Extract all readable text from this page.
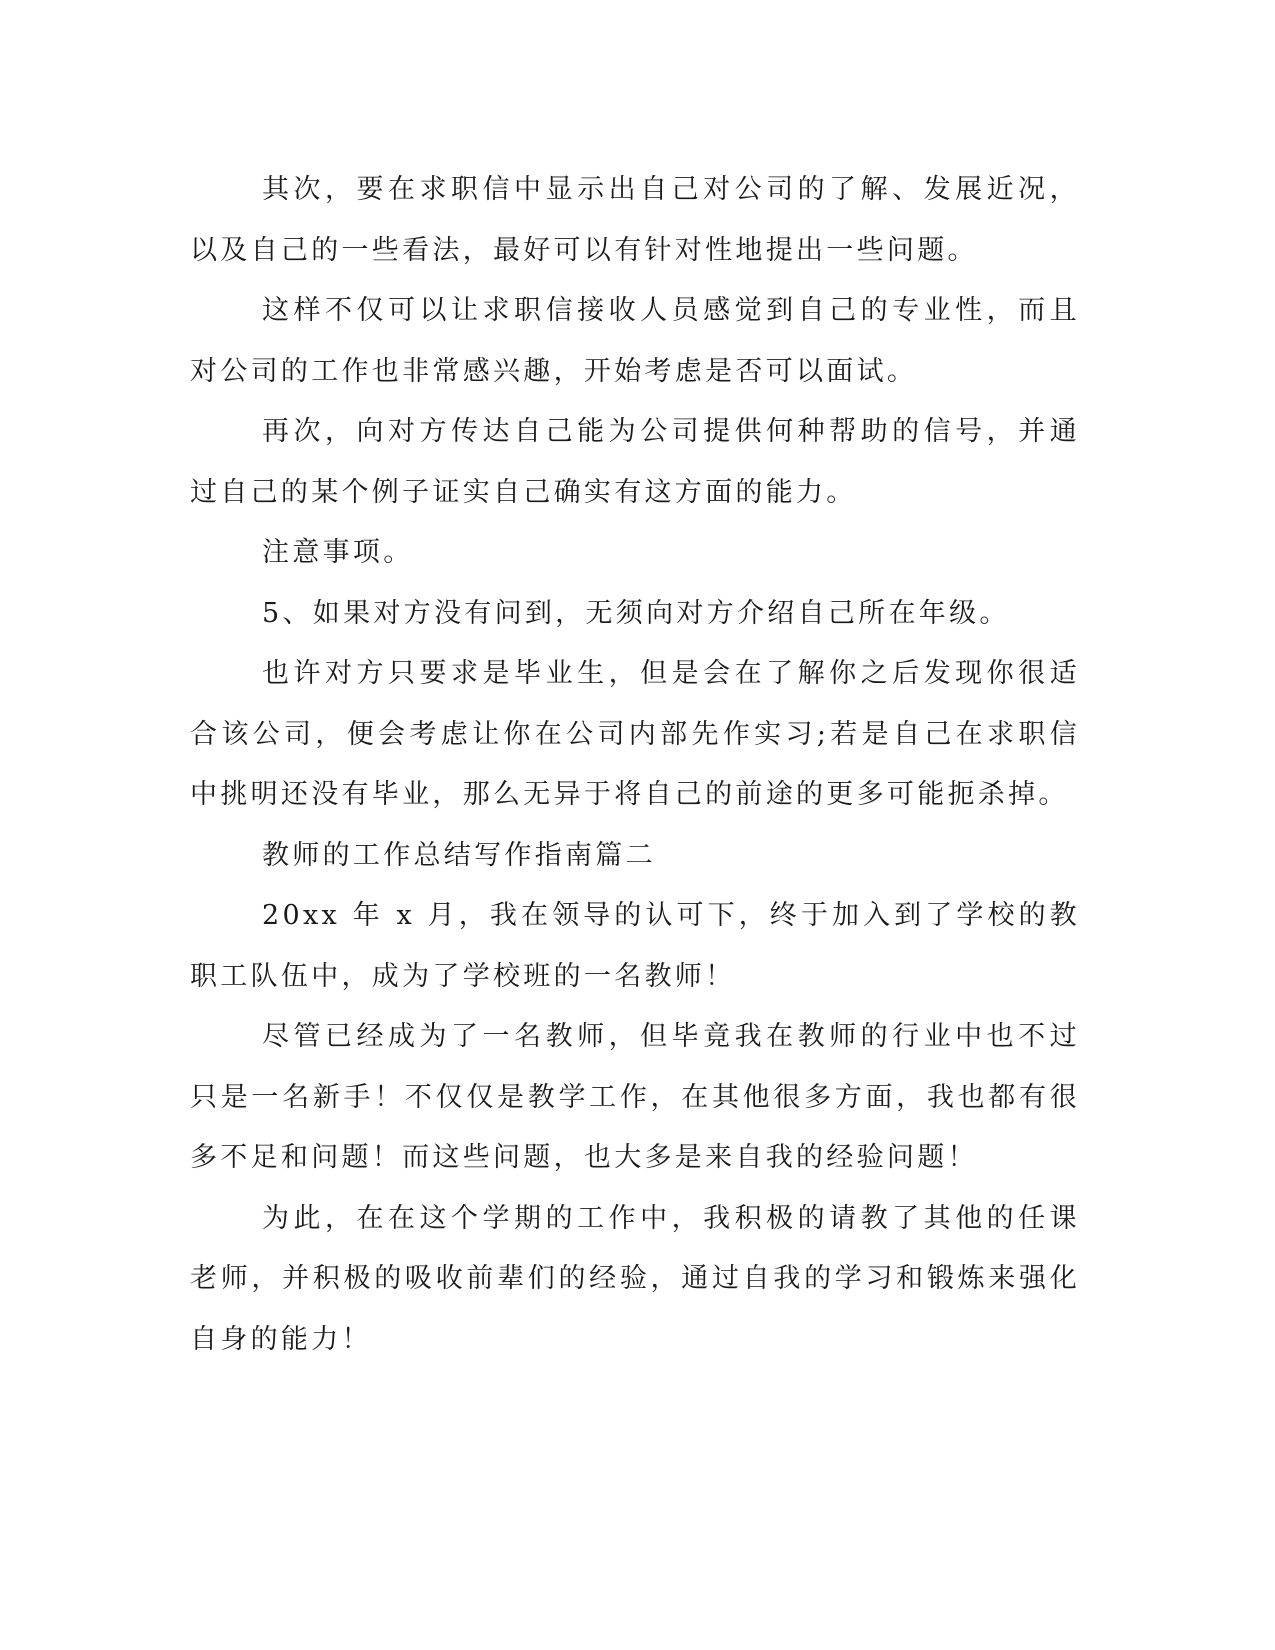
其次，要在求职信中显示出自己对公司的了解、发展近况，以及自己的一些看法，最好可以有针对性地提出一些问题。

这样不仅可以让求职信接收人员感觉到自己的专业性，而且对公司的工作也非常感兴趣，开始考虑是否可以面试。

再次，向对方传达自己能为公司提供何种帮助的信号，并通过自己的某个例子证实自己确实有这方面的能力。

注意事项。

5、如果对方没有问到，无须向对方介绍自己所在年级。

也许对方只要求是毕业生，但是会在了解你之后发现你很适合该公司，便会考虑让你在公司内部先作实习;若是自己在求职信中挑明还没有毕业，那么无异于将自己的前途的更多可能扼杀掉。

教师的工作总结写作指南篇二

20xx 年 x 月，我在领导的认可下，终于加入到了学校的教职工队伍中，成为了学校班的一名教师！

尽管已经成为了一名教师，但毕竟我在教师的行业中也不过只是一名新手！不仅仅是教学工作，在其他很多方面，我也都有很多不足和问题！而这些问题，也大多是来自我的经验问题！

为此，在在这个学期的工作中，我积极的请教了其他的任课老师，并积极的吸收前辈们的经验，通过自我的学习和锻炼来强化自身的能力！
